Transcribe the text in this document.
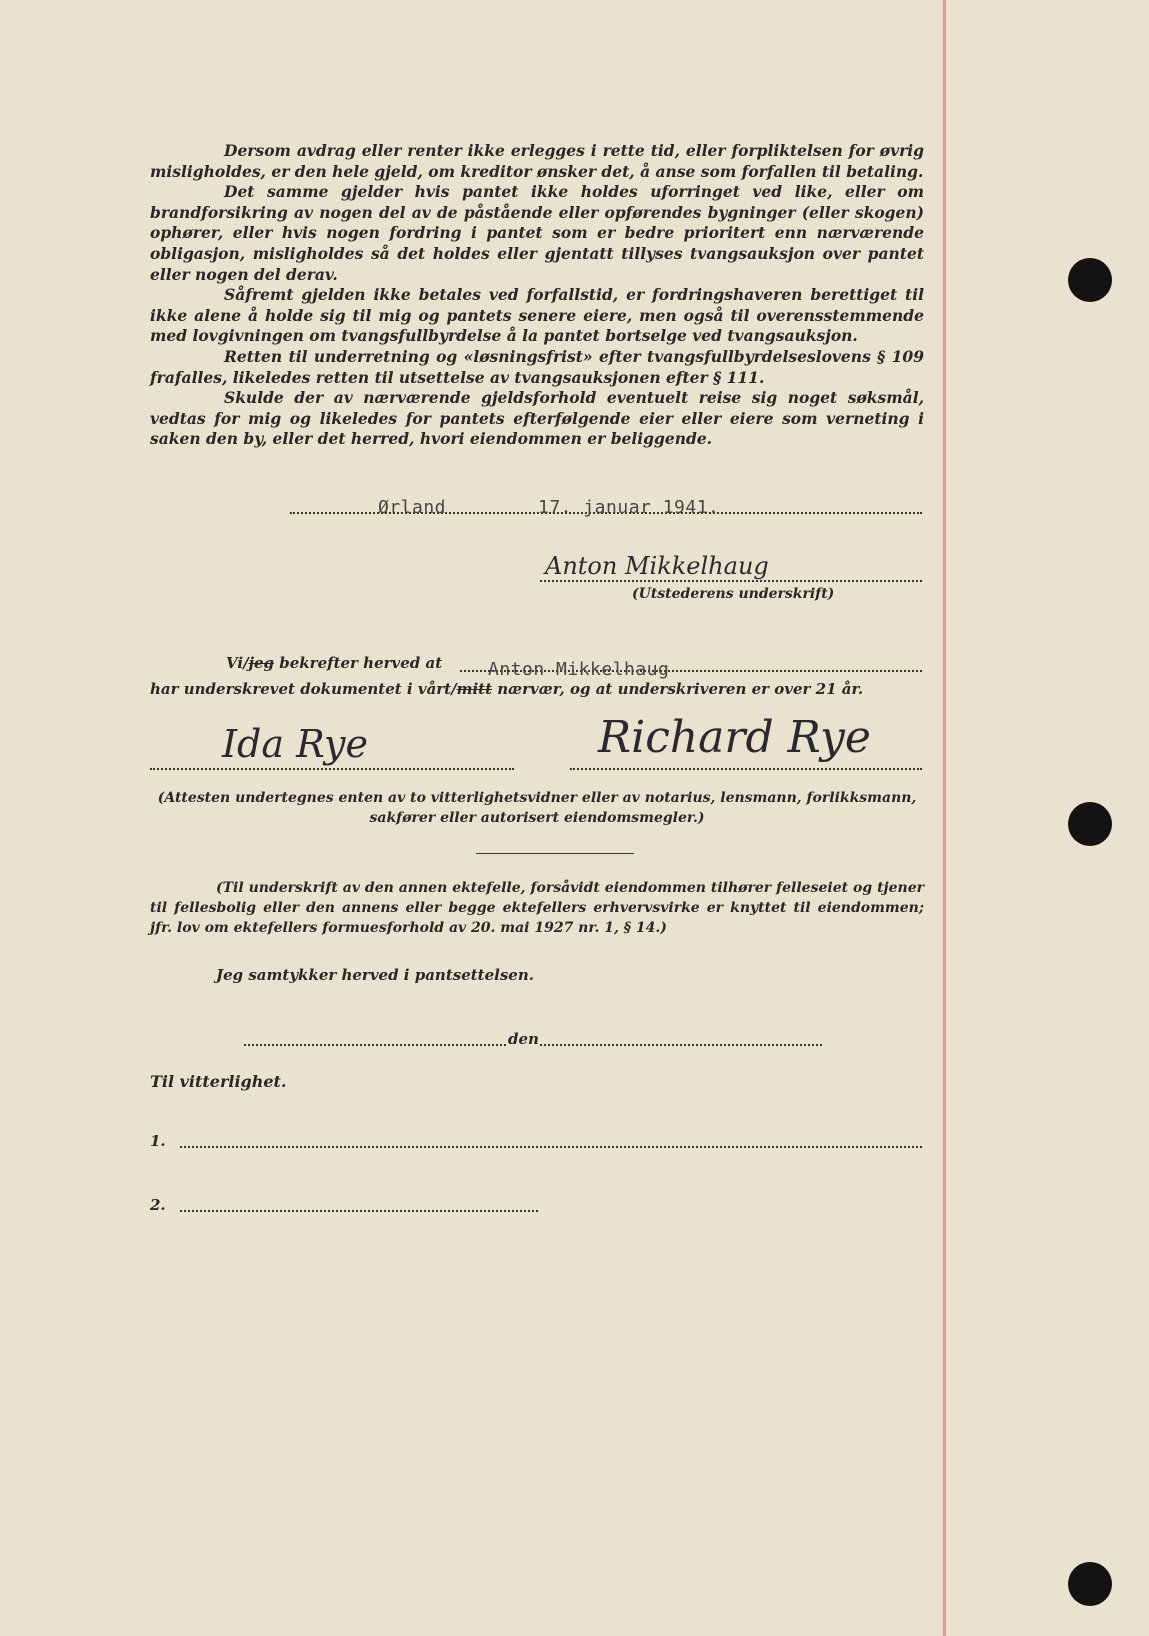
Dersom avdrag eller renter ikke erlegges i rette tid, eller forpliktelsen for øvrig misligholdes, er den hele gjeld, om kreditor ønsker det, å anse som forfallen til betaling.

Det samme gjelder hvis pantet ikke holdes uforringet ved like, eller om brandforsikring av nogen del av de påstående eller opførendes bygninger (eller skogen) ophører, eller hvis nogen fordring i pantet som er bedre prioritert enn nærværende obligasjon, misligholdes så det holdes eller gjentatt tillyses tvangsauksjon over pantet eller nogen del derav.

Såfremt gjelden ikke betales ved forfallstid, er fordringshaveren berettiget til ikke alene å holde sig til mig og pantets senere eiere, men også til overensstemmende med lovgivningen om tvangsfullbyrdelse å la pantet bortselge ved tvangsauksjon.

Retten til underretning og «løsningsfrist» efter tvangsfullbyrdelseslovens § 109 frafalles, likeledes retten til utsettelse av tvangsauksjonen efter § 111.

Skulde der av nærværende gjeldsforhold eventuelt reise sig noget søksmål, vedtas for mig og likeledes for pantets efterfølgende eier eller eiere som verneting i saken den by, eller det herred, hvori eiendommen er beliggende.

Ørland	17. januar 1941.
Anton Mikkelhaug
(Utstederens underskrift)
Vi/jeg bekrefter herved at	Anton Mikkelhaug
har underskrevet dokumentet i vårt/mitt nærvær, og at underskriveren er over 21 år.
Ida Rye	Richard Rye
(Attesten undertegnes enten av to vitterlighetsvidner eller av notarius, lensmann, forlikksmann, sakfører eller autorisert eiendomsmegler.)
(Til underskrift av den annen ektefelle, forsåvidt eiendommen tilhører felleseiet og tjener til fellesbolig eller den annens eller begge ektefellers erhvervsvirke er knyttet til eiendommen; jfr. lov om ektefellers formuesforhold av 20. mai 1927 nr. 1, § 14.)
Jeg samtykker herved i pantsettelsen.
den
Til vitterlighet.
1.
2.
